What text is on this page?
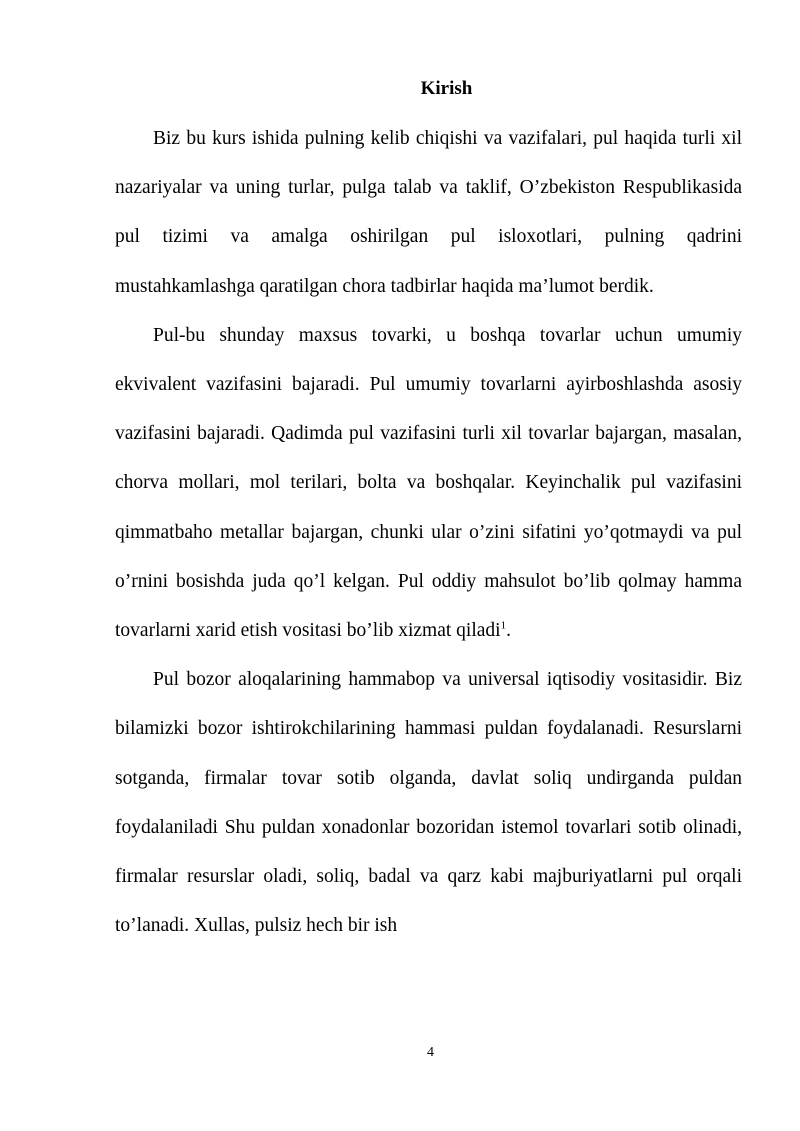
Kirish

Biz bu kurs ishida pulning kelib chiqishi va vazifalari, pul haqida turli xil nazariyalar va uning turlar, pulga talab va taklif, O’zbekiston Respublikasida pul tizimi va amalga oshirilgan pul isloxotlari, pulning qadrini mustahkamlashga qaratilgan chora tadbirlar haqida ma’lumot berdik.

Pul-bu shunday maxsus tovarki, u boshqa tovarlar uchun umumiy ekvivalent vazifasini bajaradi. Pul umumiy tovarlarni ayirboshlashda asosiy vazifasini bajaradi. Qadimda pul vazifasini turli xil tovarlar bajargan, masalan, chorva mollari, mol terilari, bolta va boshqalar. Keyinchalik pul vazifasini qimmatbaho metallar bajargan, chunki ular o’zini sifatini yo’qotmaydi va pul o’rnini bosishda juda qo’l kelgan. Pul oddiy mahsulot bo’lib qolmay hamma tovarlarni xarid etish vositasi bo’lib xizmat qiladi$^1$.

Pul bozor aloqalarining hammabop va universal iqtisodiy vositasidir. Biz bilamizki bozor ishtirokchilarining hammasi puldan foydalanadi. Resurslarni sotganda, firmalar tovar sotib olganda, davlat soliq undirganda puldan foydalaniladi Shu puldan xonadonlar bozoridan istemol tovarlari sotib olinadi, firmalar resurslar oladi, soliq, badal va qarz kabi majburiyatlarni pul orqali to’lanadi. Xullas, pulsiz hech bir ish

4
